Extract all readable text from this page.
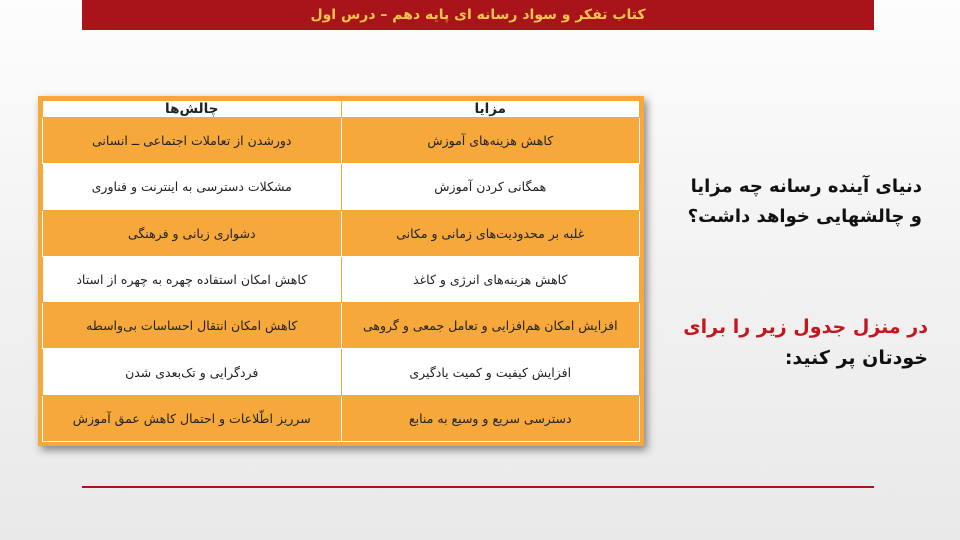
کتاب تفکر و سواد رسانه ای پایه دهم – درس اول
مزایا	چالش‌ها
کاهش هزینه‌های آموزش	دورشدن از تعاملات اجتماعی ــ انسانی
همگانی کردن آموزش	مشکلات دسترسی به اینترنت و فناوری
غلبه بر محدودیت‌های زمانی و مکانی	دشواری زبانی و فرهنگی
کاهش هزینه‌های انرژی و کاغذ	کاهش امکان استفاده چهره به چهره از استاد
افزایش امکان هم‌افزایی و تعامل جمعی و گروهی	کاهش امکان انتقال احساسات بی‌واسطه
افزایش کیفیت و کمیت یادگیری	فردگرایی و تک‌بعدی شدن
دسترسی سریع و وسیع به منابع	سرریز اطّلاعات و احتمال کاهش عمق آموزش
دنیای آینده رسانه چه مزایا
و چالشهایی خواهد داشت؟
در منزل جدول زیر را برای
خودتان پر کنید:
